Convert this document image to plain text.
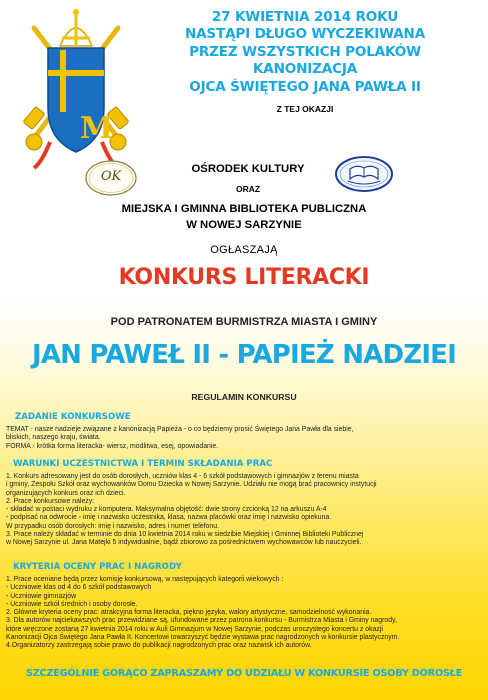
M
27 KWIETNIA 2014 ROKU
NASTĄPI DŁUGO WYCZEKIWANA
PRZEZ WSZYSTKICH POLAKÓW
KANONIZACJA
OJCA ŚWIĘTEGO JANA PAWŁA II
Z TEJ OKAZJI
OK	OŚRODEK KULTURY
ORAZ
MIEJSKA I GMINNA BIBLIOTEKA PUBLICZNA
W NOWEJ SARZYNIE
OGŁASZAJĄ
KONKURS LITERACKI
POD PATRONATEM BURMISTRZA MIASTA I GMINY
JAN PAWEŁ II - PAPIEŻ NADZIEI
REGULAMIN KONKURSU
ZADANIE KONKURSOWE
TEMAT - nasze nadzieje związane z kanonizacją Papieża - o co będziemy prosić Świętego Jana Pawła dla siebie,
bliskich, naszego kraju, świata.
FORMA - krótka forma literacka- wiersz, modlitwa, esej, opowiadanie.
WARUNKI UCZESTNICTWA I TERMIN SKŁADANIA PRAC
1. Konkurs adresowany jest do osób dorosłych, uczniów klas 4 - 6 szkół podstawowych i gimnazjów z terenu miasta
i gminy, Zespołu Szkół oraz wychowanków Domu Dziecka w Nowej Sarzynie. Udziału nie mogą brać pracownicy instytucji
organizujących konkurs oraz ich dzieci.
2. Prace konkursowe należy:
- składać w postaci wydruku z komputera. Maksymalna objętość: dwie strony czcionką 12 na arkuszu A-4
- podpisać na odwrocie - imię i nazwisko uczestnika, klasa, nazwa placówki oraz imię i nazwisko opiekuna.
W przypadku osób dorosłych: imię i nazwisko, adres i numer telefonu.
3. Prace należy składać w terminie do dnia 10 kwietnia 2014 roku w siedzibie Miejskiej i Gminnej Biblioteki Publicznej
w Nowej Sarzynie ul. Jana Matejki 5 indywidualnie, bądź zbiorowo za pośrednictwem wychowawców lub nauczycieli.
KRYTERIA OCENY PRAC I NAGRODY
1. Prace oceniane będą przez komisję konkursową, w następujących kategorii wiekowych :
- Uczniowie klas od 4 do 6 szkół podstawowych
- Uczniowie gimnazjów
- Uczniowie szkół średnich i osoby dorosłe.
2. Główne kryteria oceny prac: atrakcyjna forma literacka, piękno języka, walory artystyczne, samodzielność wykonania.
3. Dla autorów najciekawszych prac przewidziane są, ufundowane przez patrona konkursu - Burmistrza Miasta i Gminy nagrody,
które wręczone zostaną 27 kwietnia 2014 roku w Auli Gimnazjum w Nowej Sarzynie, podczas uroczystego koncertu z okazji
Kanonizacji Ojca Świętego Jana Pawła II. Koncertowi towarzyszyć będzie wystawa prac nagrodzonych w konkursie plastycznym.
4.Organizatorzy zastrzegają sobie prawo do publikacji nagrodzonych prac oraz nazwisk ich autorów.
SZCZEGÓLNIE GORĄCO ZAPRASZAMY DO UDZIAŁU W KONKURSIE OSOBY DOROSŁE
